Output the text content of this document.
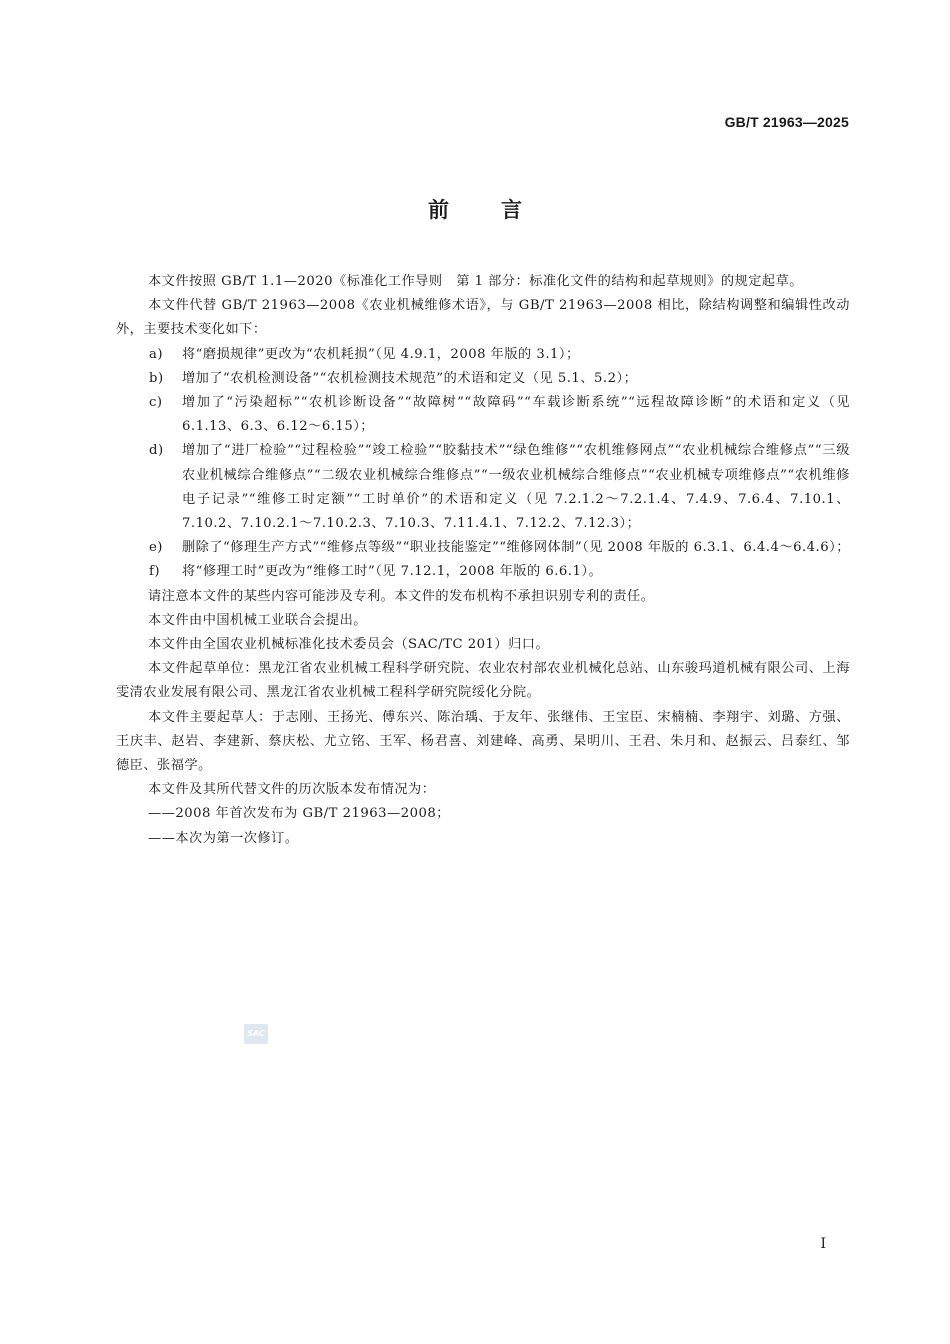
GB/T 21963—2025
前 言

本文件按照 GB/T 1.1—2020《标准化工作导则　第 1 部分：标准化文件的结构和起草规则》的规定起草。

本文件代替 GB/T 21963—2008《农业机械维修术语》，与 GB/T 21963—2008 相比，除结构调整和编辑性改动外，主要技术变化如下：

a) 将“磨损规律”更改为“农机耗损”（见 4.9.1，2008 年版的 3.1）；
b) 增加了“农机检测设备”“农机检测技术规范”的术语和定义（见 5.1、5.2）；
c) 增加了“污染超标”“农机诊断设备”“故障树”“故障码”“车载诊断系统”“远程故障诊断”的术语和定义（见 6.1.13、6.3、6.12～6.15）；
d) 增加了“进厂检验”“过程检验”“竣工检验”“胶黏技术”“绿色维修”“农机维修网点”“农业机械综合维修点”“三级农业机械综合维修点”“二级农业机械综合维修点”“一级农业机械综合维修点”“农业机械专项维修点”“农机维修电子记录”“维修工时定额”“工时单价”的术语和定义（见 7.2.1.2～7.2.1.4、7.4.9、7.6.4、7.10.1、7.10.2、7.10.2.1～7.10.2.3、7.10.3、7.11.4.1、7.12.2、7.12.3）；
e) 删除了“修理生产方式”“维修点等级”“职业技能鉴定”“维修网体制”（见 2008 年版的 6.3.1、6.4.4～6.4.6）；
f) 将“修理工时”更改为“维修工时”（见 7.12.1，2008 年版的 6.6.1）。

请注意本文件的某些内容可能涉及专利。本文件的发布机构不承担识别专利的责任。

本文件由中国机械工业联合会提出。

本文件由全国农业机械标准化技术委员会（SAC/TC 201）归口。

本文件起草单位：黑龙江省农业机械工程科学研究院、农业农村部农业机械化总站、山东骏玛道机械有限公司、上海雯清农业发展有限公司、黑龙江省农业机械工程科学研究院绥化分院。

本文件主要起草人：于志刚、王扬光、傅东兴、陈治瑀、于友年、张继伟、王宝臣、宋楠楠、李翔宇、刘璐、方强、王庆丰、赵岩、李建新、蔡庆松、尤立铭、王军、杨君喜、刘建峰、高勇、杲明川、王君、朱月和、赵振云、吕泰红、邹德臣、张福学。

本文件及其所代替文件的历次版本发布情况为：

——2008 年首次发布为 GB/T 21963—2008；

——本次为第一次修订。

SAC
I
